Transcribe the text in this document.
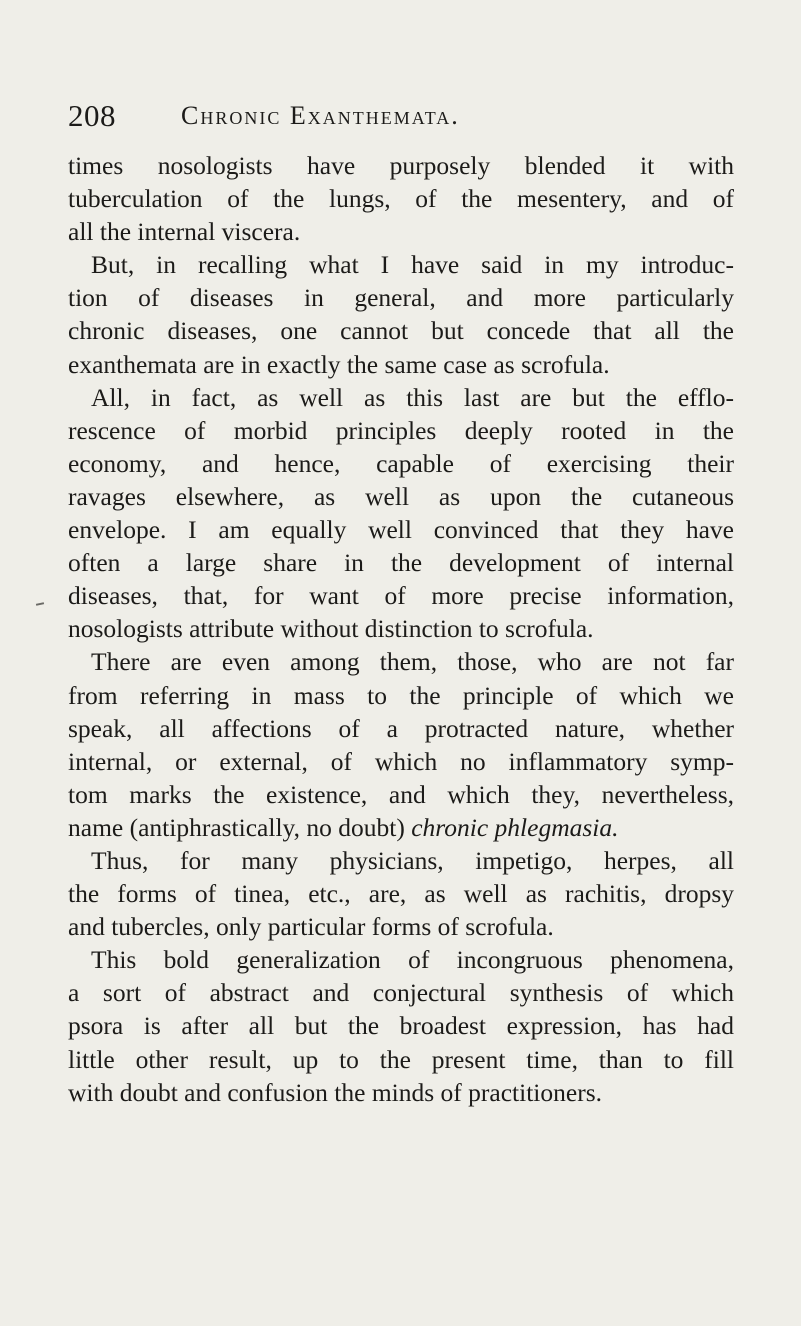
208	Chronic Exanthemata.
times nosologists have purposely blended it with
tuberculation of the lungs, of the mesentery, and of
all the internal viscera.
But, in recalling what I have said in my introduc-
tion of diseases in general, and more particularly
chronic diseases, one cannot but concede that all the
exanthemata are in exactly the same case as scrofula.
All, in fact, as well as this last are but the efflo-
rescence of morbid principles deeply rooted in the
economy, and hence, capable of exercising their
ravages elsewhere, as well as upon the cutaneous
envelope. I am equally well convinced that they have
often a large share in the development of internal
diseases, that, for want of more precise information,
nosologists attribute without distinction to scrofula.
There are even among them, those, who are not far
from referring in mass to the principle of which we
speak, all affections of a protracted nature, whether
internal, or external, of which no inflammatory symp-
tom marks the existence, and which they, nevertheless,
name (antiphrastically, no doubt) chronic phlegmasia.
Thus, for many physicians, impetigo, herpes, all
the forms of tinea, etc., are, as well as rachitis, dropsy
and tubercles, only particular forms of scrofula.
This bold generalization of incongruous phenomena,
a sort of abstract and conjectural synthesis of which
psora is after all but the broadest expression, has had
little other result, up to the present time, than to fill
with doubt and confusion the minds of practitioners.
